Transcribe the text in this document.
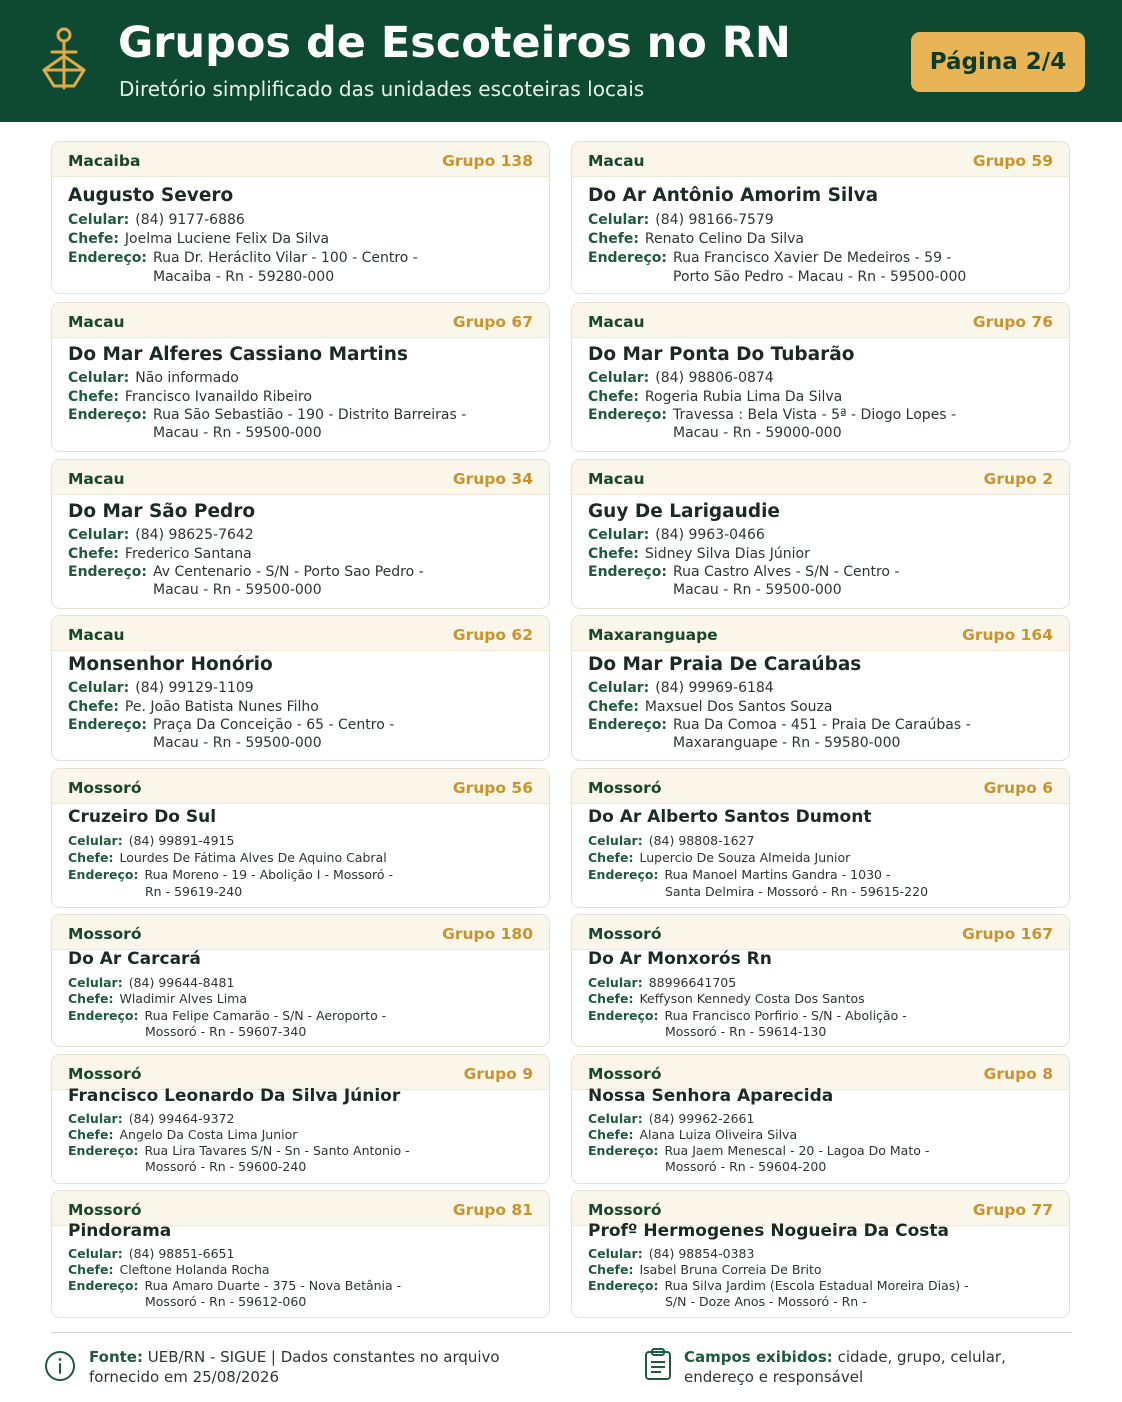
Grupos de Escoteiros no RN
Diretório simplificado das unidades escoteiras locais
Página 2/4
Macaiba	Grupo 138
Augusto Severo
Celular: (84) 9177-6886
Chefe: Joelma Luciene Felix Da Silva
Endereço: Rua Dr. Heráclito Vilar - 100 - Centro -
Macaiba - Rn - 59280-000
Macau	Grupo 59
Do Ar Antônio Amorim Silva
Celular: (84) 98166-7579
Chefe: Renato Celino Da Silva
Endereço: Rua Francisco Xavier De Medeiros - 59 -
Porto São Pedro - Macau - Rn - 59500-000
Macau	Grupo 67
Do Mar Alferes Cassiano Martins
Celular: Não informado
Chefe: Francisco Ivanaildo Ribeiro
Endereço: Rua São Sebastião - 190 - Distrito Barreiras -
Macau - Rn - 59500-000
Macau	Grupo 76
Do Mar Ponta Do Tubarão
Celular: (84) 98806-0874
Chefe: Rogeria Rubia Lima Da Silva
Endereço: Travessa : Bela Vista - 5ª - Diogo Lopes -
Macau - Rn - 59000-000
Macau	Grupo 34
Do Mar São Pedro
Celular: (84) 98625-7642
Chefe: Frederico Santana
Endereço: Av Centenario - S/N - Porto Sao Pedro -
Macau - Rn - 59500-000
Macau	Grupo 2
Guy De Larigaudie
Celular: (84) 9963-0466
Chefe: Sidney Silva Dias Júnior
Endereço: Rua Castro Alves - S/N - Centro -
Macau - Rn - 59500-000
Macau	Grupo 62
Monsenhor Honório
Celular: (84) 99129-1109
Chefe: Pe. João Batista Nunes Filho
Endereço: Praça Da Conceição - 65 - Centro -
Macau - Rn - 59500-000
Maxaranguape	Grupo 164
Do Mar Praia De Caraúbas
Celular: (84) 99969-6184
Chefe: Maxsuel Dos Santos Souza
Endereço: Rua Da Comoa - 451 - Praia De Caraúbas -
Maxaranguape - Rn - 59580-000
Mossoró	Grupo 56
Cruzeiro Do Sul
Celular: (84) 99891-4915
Chefe: Lourdes De Fátima Alves De Aquino Cabral
Endereço: Rua Moreno - 19 - Abolição I - Mossoró -
Rn - 59619-240
Mossoró	Grupo 6
Do Ar Alberto Santos Dumont
Celular: (84) 98808-1627
Chefe: Lupercio De Souza Almeida Junior
Endereço: Rua Manoel Martins Gandra - 1030 -
Santa Delmira - Mossoró - Rn - 59615-220
Mossoró	Grupo 180
Do Ar Carcará
Celular: (84) 99644-8481
Chefe: Wladimir Alves Lima
Endereço: Rua Felipe Camarão - S/N - Aeroporto -
Mossoró - Rn - 59607-340
Mossoró	Grupo 167
Do Ar Monxorós Rn
Celular: 88996641705
Chefe: Keffyson Kennedy Costa Dos Santos
Endereço: Rua Francisco Porfirio - S/N - Abolição -
Mossoró - Rn - 59614-130
Mossoró	Grupo 9
Francisco Leonardo Da Silva Júnior
Celular: (84) 99464-9372
Chefe: Angelo Da Costa Lima Junior
Endereço: Rua Lira Tavares S/N - Sn - Santo Antonio -
Mossoró - Rn - 59600-240
Mossoró	Grupo 8
Nossa Senhora Aparecida
Celular: (84) 99962-2661
Chefe: Alana Luiza Oliveira Silva
Endereço: Rua Jaem Menescal - 20 - Lagoa Do Mato -
Mossoró - Rn - 59604-200
Mossoró	Grupo 81
Pindorama
Celular: (84) 98851-6651
Chefe: Cleftone Holanda Rocha
Endereço: Rua Amaro Duarte - 375 - Nova Betânia -
Mossoró - Rn - 59612-060
Mossoró	Grupo 77
Profº Hermogenes Nogueira Da Costa
Celular: (84) 98854-0383
Chefe: Isabel Bruna Correia De Brito
Endereço: Rua Silva Jardim (Escola Estadual Moreira Dias) -
S/N - Doze Anos - Mossoró - Rn -
Fonte: UEB/RN - SIGUE | Dados constantes no arquivo
fornecido em 25/08/2026
Campos exibidos: cidade, grupo, celular,
endereço e responsável
